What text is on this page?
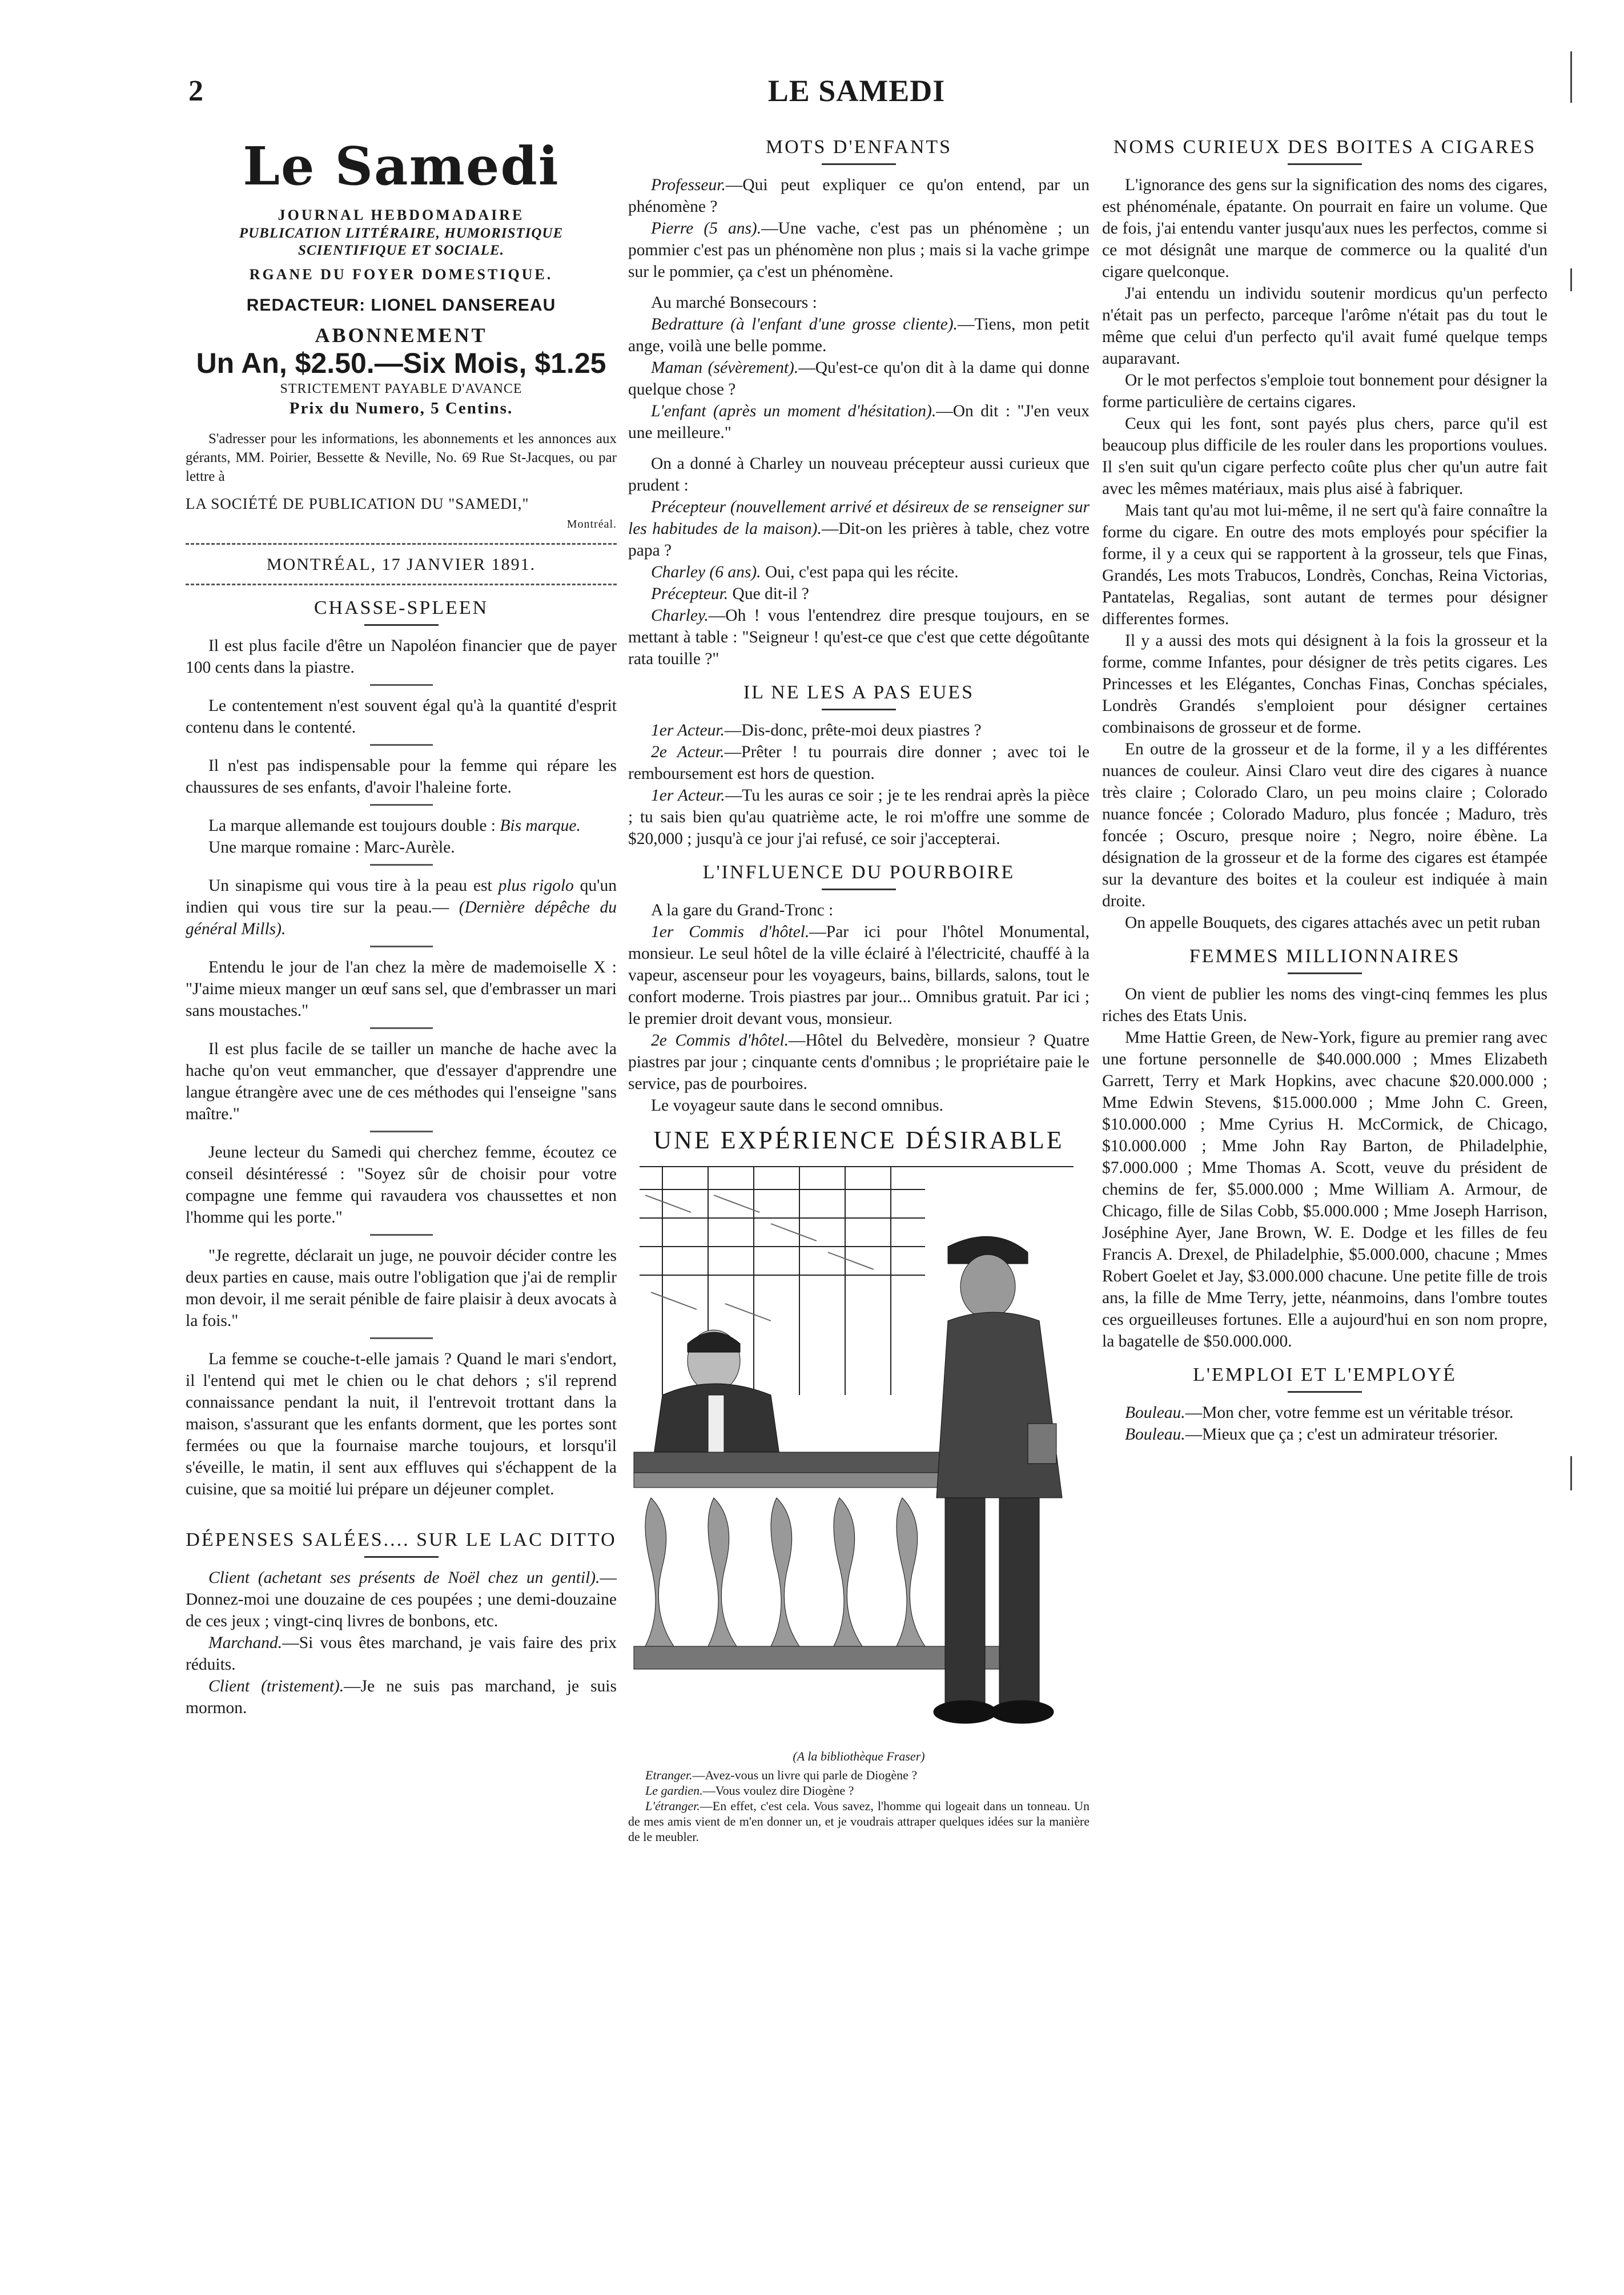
2	LE SAMEDI
Le Samedi
JOURNAL HEBDOMADAIRE
PUBLICATION LITTÉRAIRE, HUMORISTIQUE SCIENTIFIQUE ET SOCIALE.
RGANE DU FOYER DOMESTIQUE.
REDACTEUR: LIONEL DANSEREAU
ABONNEMENT
Un An, $2.50.—Six Mois, $1.25
STRICTEMENT PAYABLE D'AVANCE
Prix du Numero, 5 Centins.
S'adresser pour les informations, les abonnements et les annonces aux gérants, MM. Poirier, Bessette & Neville, No. 69 Rue St-Jacques, ou par lettre à
LA SOCIÉTÉ DE PUBLICATION DU "SAMEDI,"
Montréal.
MONTRÉAL, 17 JANVIER 1891.
CHASSE-SPLEEN

Il est plus facile d'être un Napoléon financier que de payer 100 cents dans la piastre.

Le contentement n'est souvent égal qu'à la quantité d'esprit contenu dans le contenté.

Il n'est pas indispensable pour la femme qui répare les chaussures de ses enfants, d'avoir l'haleine forte.

La marque allemande est toujours double : Bis marque.

Une marque romaine : Marc-Aurèle.

Un sinapisme qui vous tire à la peau est plus rigolo qu'un indien qui vous tire sur la peau.— (Dernière dépêche du général Mills).

Entendu le jour de l'an chez la mère de mademoiselle X : "J'aime mieux manger un œuf sans sel, que d'embrasser un mari sans moustaches."

Il est plus facile de se tailler un manche de hache avec la hache qu'on veut emmancher, que d'essayer d'apprendre une langue étrangère avec une de ces méthodes qui l'enseigne "sans maître."

Jeune lecteur du Samedi qui cherchez femme, écoutez ce conseil désintéressé : "Soyez sûr de choisir pour votre compagne une femme qui ravaudera vos chaussettes et non l'homme qui les porte."

"Je regrette, déclarait un juge, ne pouvoir décider contre les deux parties en cause, mais outre l'obligation que j'ai de remplir mon devoir, il me serait pénible de faire plaisir à deux avocats à la fois."

La femme se couche-t-elle jamais ? Quand le mari s'endort, il l'entend qui met le chien ou le chat dehors ; s'il reprend connaissance pendant la nuit, il l'entrevoit trottant dans la maison, s'assurant que les enfants dorment, que les portes sont fermées ou que la fournaise marche toujours, et lorsqu'il s'éveille, le matin, il sent aux effluves qui s'échappent de la cuisine, que sa moitié lui prépare un déjeuner complet.

DÉPENSES SALÉES.... SUR LE LAC DITTO

Client (achetant ses présents de Noël chez un gentil).—Donnez-moi une douzaine de ces poupées ; une demi-douzaine de ces jeux ; vingt-cinq livres de bonbons, etc.

Marchand.—Si vous êtes marchand, je vais faire des prix réduits.

Client (tristement).—Je ne suis pas marchand, je suis mormon.

MOTS D'ENFANTS

Professeur.—Qui peut expliquer ce qu'on entend, par un phénomène ?

Pierre (5 ans).—Une vache, c'est pas un phénomène ; un pommier c'est pas un phénomène non plus ; mais si la vache grimpe sur le pommier, ça c'est un phénomène.

Au marché Bonsecours :

Bedratture (à l'enfant d'une grosse cliente).—Tiens, mon petit ange, voilà une belle pomme.

Maman (sévèrement).—Qu'est-ce qu'on dit à la dame qui donne quelque chose ?

L'enfant (après un moment d'hésitation).—On dit : "J'en veux une meilleure."

On a donné à Charley un nouveau précepteur aussi curieux que prudent :

Précepteur (nouvellement arrivé et désireux de se renseigner sur les habitudes de la maison).—Dit-on les prières à table, chez votre papa ?

Charley (6 ans). Oui, c'est papa qui les récite.

Précepteur. Que dit-il ?

Charley.—Oh ! vous l'entendrez dire presque toujours, en se mettant à table : "Seigneur ! qu'est-ce que c'est que cette dégoûtante rata touille ?"

IL NE LES A PAS EUES

1er Acteur.—Dis-donc, prête-moi deux piastres ?

2e Acteur.—Prêter ! tu pourrais dire donner ; avec toi le remboursement est hors de question.

1er Acteur.—Tu les auras ce soir ; je te les rendrai après la pièce ; tu sais bien qu'au quatrième acte, le roi m'offre une somme de $20,000 ; jusqu'à ce jour j'ai refusé, ce soir j'accepterai.

L'INFLUENCE DU POURBOIRE

A la gare du Grand-Tronc :

1er Commis d'hôtel.—Par ici pour l'hôtel Monumental, monsieur. Le seul hôtel de la ville éclairé à l'électricité, chauffé à la vapeur, ascenseur pour les voyageurs, bains, billards, salons, tout le confort moderne. Trois piastres par jour... Omnibus gratuit. Par ici ; le premier droit devant vous, monsieur.

2e Commis d'hôtel.—Hôtel du Belvedère, monsieur ? Quatre piastres par jour ; cinquante cents d'omnibus ; le propriétaire paie le service, pas de pourboires.

Le voyageur saute dans le second omnibus.

UNE EXPÉRIENCE DÉSIRABLE
(A la bibliothèque Fraser)

Etranger.—Avez-vous un livre qui parle de Diogène ?

Le gardien.—Vous voulez dire Diogène ?

L'étranger.—En effet, c'est cela. Vous savez, l'homme qui logeait dans un tonneau. Un de mes amis vient de m'en donner un, et je voudrais attraper quelques idées sur la manière de le meubler.

NOMS CURIEUX DES BOITES A CIGARES

L'ignorance des gens sur la signification des noms des cigares, est phénoménale, épatante. On pourrait en faire un volume. Que de fois, j'ai entendu vanter jusqu'aux nues les perfectos, comme si ce mot désignât une marque de commerce ou la qualité d'un cigare quelconque.

J'ai entendu un individu soutenir mordicus qu'un perfecto n'était pas un perfecto, parceque l'arôme n'était pas du tout le même que celui d'un perfecto qu'il avait fumé quelque temps auparavant.

Or le mot perfectos s'emploie tout bonnement pour désigner la forme particulière de certains cigares.

Ceux qui les font, sont payés plus chers, parce qu'il est beaucoup plus difficile de les rouler dans les proportions voulues. Il s'en suit qu'un cigare perfecto coûte plus cher qu'un autre fait avec les mêmes matériaux, mais plus aisé à fabriquer.

Mais tant qu'au mot lui-même, il ne sert qu'à faire connaître la forme du cigare. En outre des mots employés pour spécifier la forme, il y a ceux qui se rapportent à la grosseur, tels que Finas, Grandés, Les mots Trabucos, Londrès, Conchas, Reina Victorias, Pantatelas, Regalias, sont autant de termes pour désigner differentes formes.

Il y a aussi des mots qui désignent à la fois la grosseur et la forme, comme Infantes, pour désigner de très petits cigares. Les Princesses et les Elégantes, Conchas Finas, Conchas spéciales, Londrès Grandés s'emploient pour désigner certaines combinaisons de grosseur et de forme.

En outre de la grosseur et de la forme, il y a les différentes nuances de couleur. Ainsi Claro veut dire des cigares à nuance très claire ; Colorado Claro, un peu moins claire ; Colorado nuance foncée ; Colorado Maduro, plus foncée ; Maduro, très foncée ; Oscuro, presque noire ; Negro, noire ébène. La désignation de la grosseur et de la forme des cigares est étampée sur la devanture des boites et la couleur est indiquée à main droite.

On appelle Bouquets, des cigares attachés avec un petit ruban

FEMMES MILLIONNAIRES

On vient de publier les noms des vingt-cinq femmes les plus riches des Etats Unis.

Mme Hattie Green, de New-York, figure au premier rang avec une fortune personnelle de $40.000.000 ; Mmes Elizabeth Garrett, Terry et Mark Hopkins, avec chacune $20.000.000 ; Mme Edwin Stevens, $15.000.000 ; Mme John C. Green, $10.000.000 ; Mme Cyrius H. McCormick, de Chicago, $10.000.000 ; Mme John Ray Barton, de Philadelphie, $7.000.000 ; Mme Thomas A. Scott, veuve du président de chemins de fer, $5.000.000 ; Mme William A. Armour, de Chicago, fille de Silas Cobb, $5.000.000 ; Mme Joseph Harrison, Joséphine Ayer, Jane Brown, W. E. Dodge et les filles de feu Francis A. Drexel, de Philadelphie, $5.000.000, chacune ; Mmes Robert Goelet et Jay, $3.000.000 chacune. Une petite fille de trois ans, la fille de Mme Terry, jette, néanmoins, dans l'ombre toutes ces orgueilleuses fortunes. Elle a aujourd'hui en son nom propre, la bagatelle de $50.000.000.

L'EMPLOI ET L'EMPLOYÉ

Bouleau.—Mon cher, votre femme est un véritable trésor.

Bouleau.—Mieux que ça ; c'est un admirateur trésorier.
